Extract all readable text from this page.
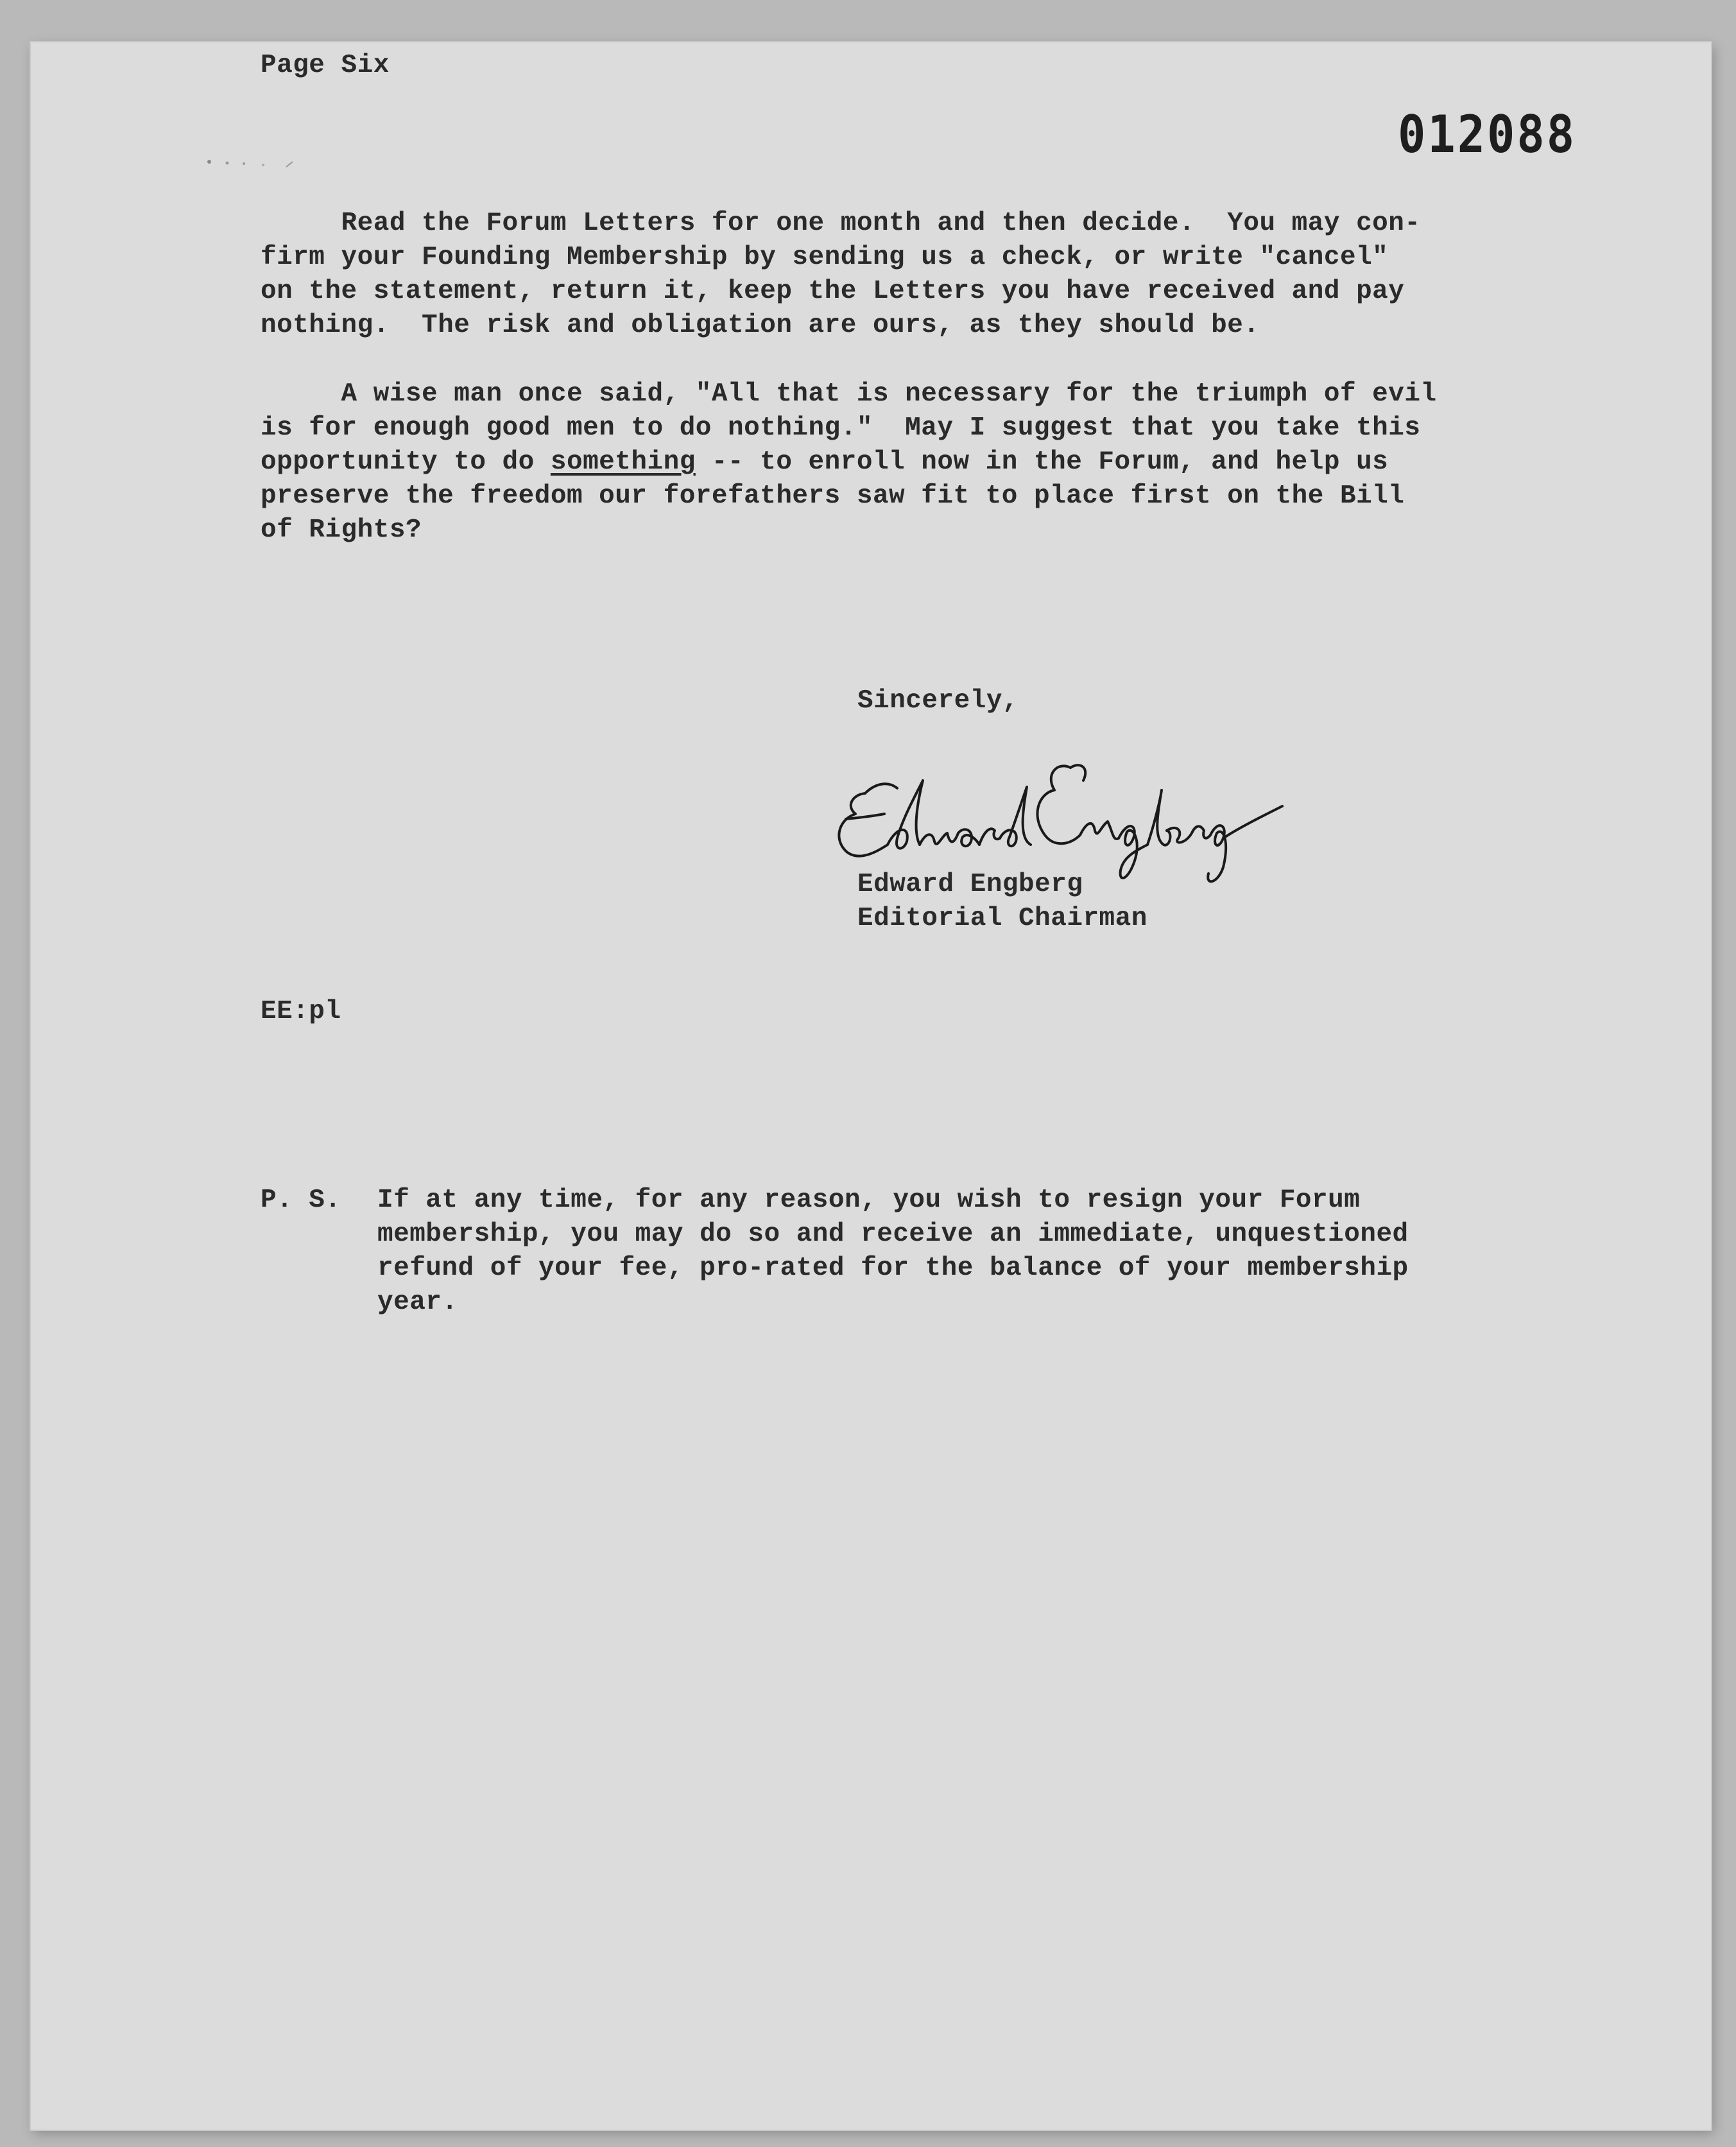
Page Six
012088
Read the Forum Letters for one month and then decide.  You may con-
firm your Founding Membership by sending us a check, or write "cancel"
on the statement, return it, keep the Letters you have received and pay
nothing.  The risk and obligation are ours, as they should be.
A wise man once said, "All that is necessary for the triumph of evil
is for enough good men to do nothing."  May I suggest that you take this
opportunity to do something -- to enroll now in the Forum, and help us
preserve the freedom our forefathers saw fit to place first on the Bill
of Rights?
Sincerely,
Edward Engberg
Editorial Chairman
EE:pl
P. S. If at any time, for any reason, you wish to resign your Forum
membership, you may do so and receive an immediate, unquestioned
refund of your fee, pro-rated for the balance of your membership
year.
